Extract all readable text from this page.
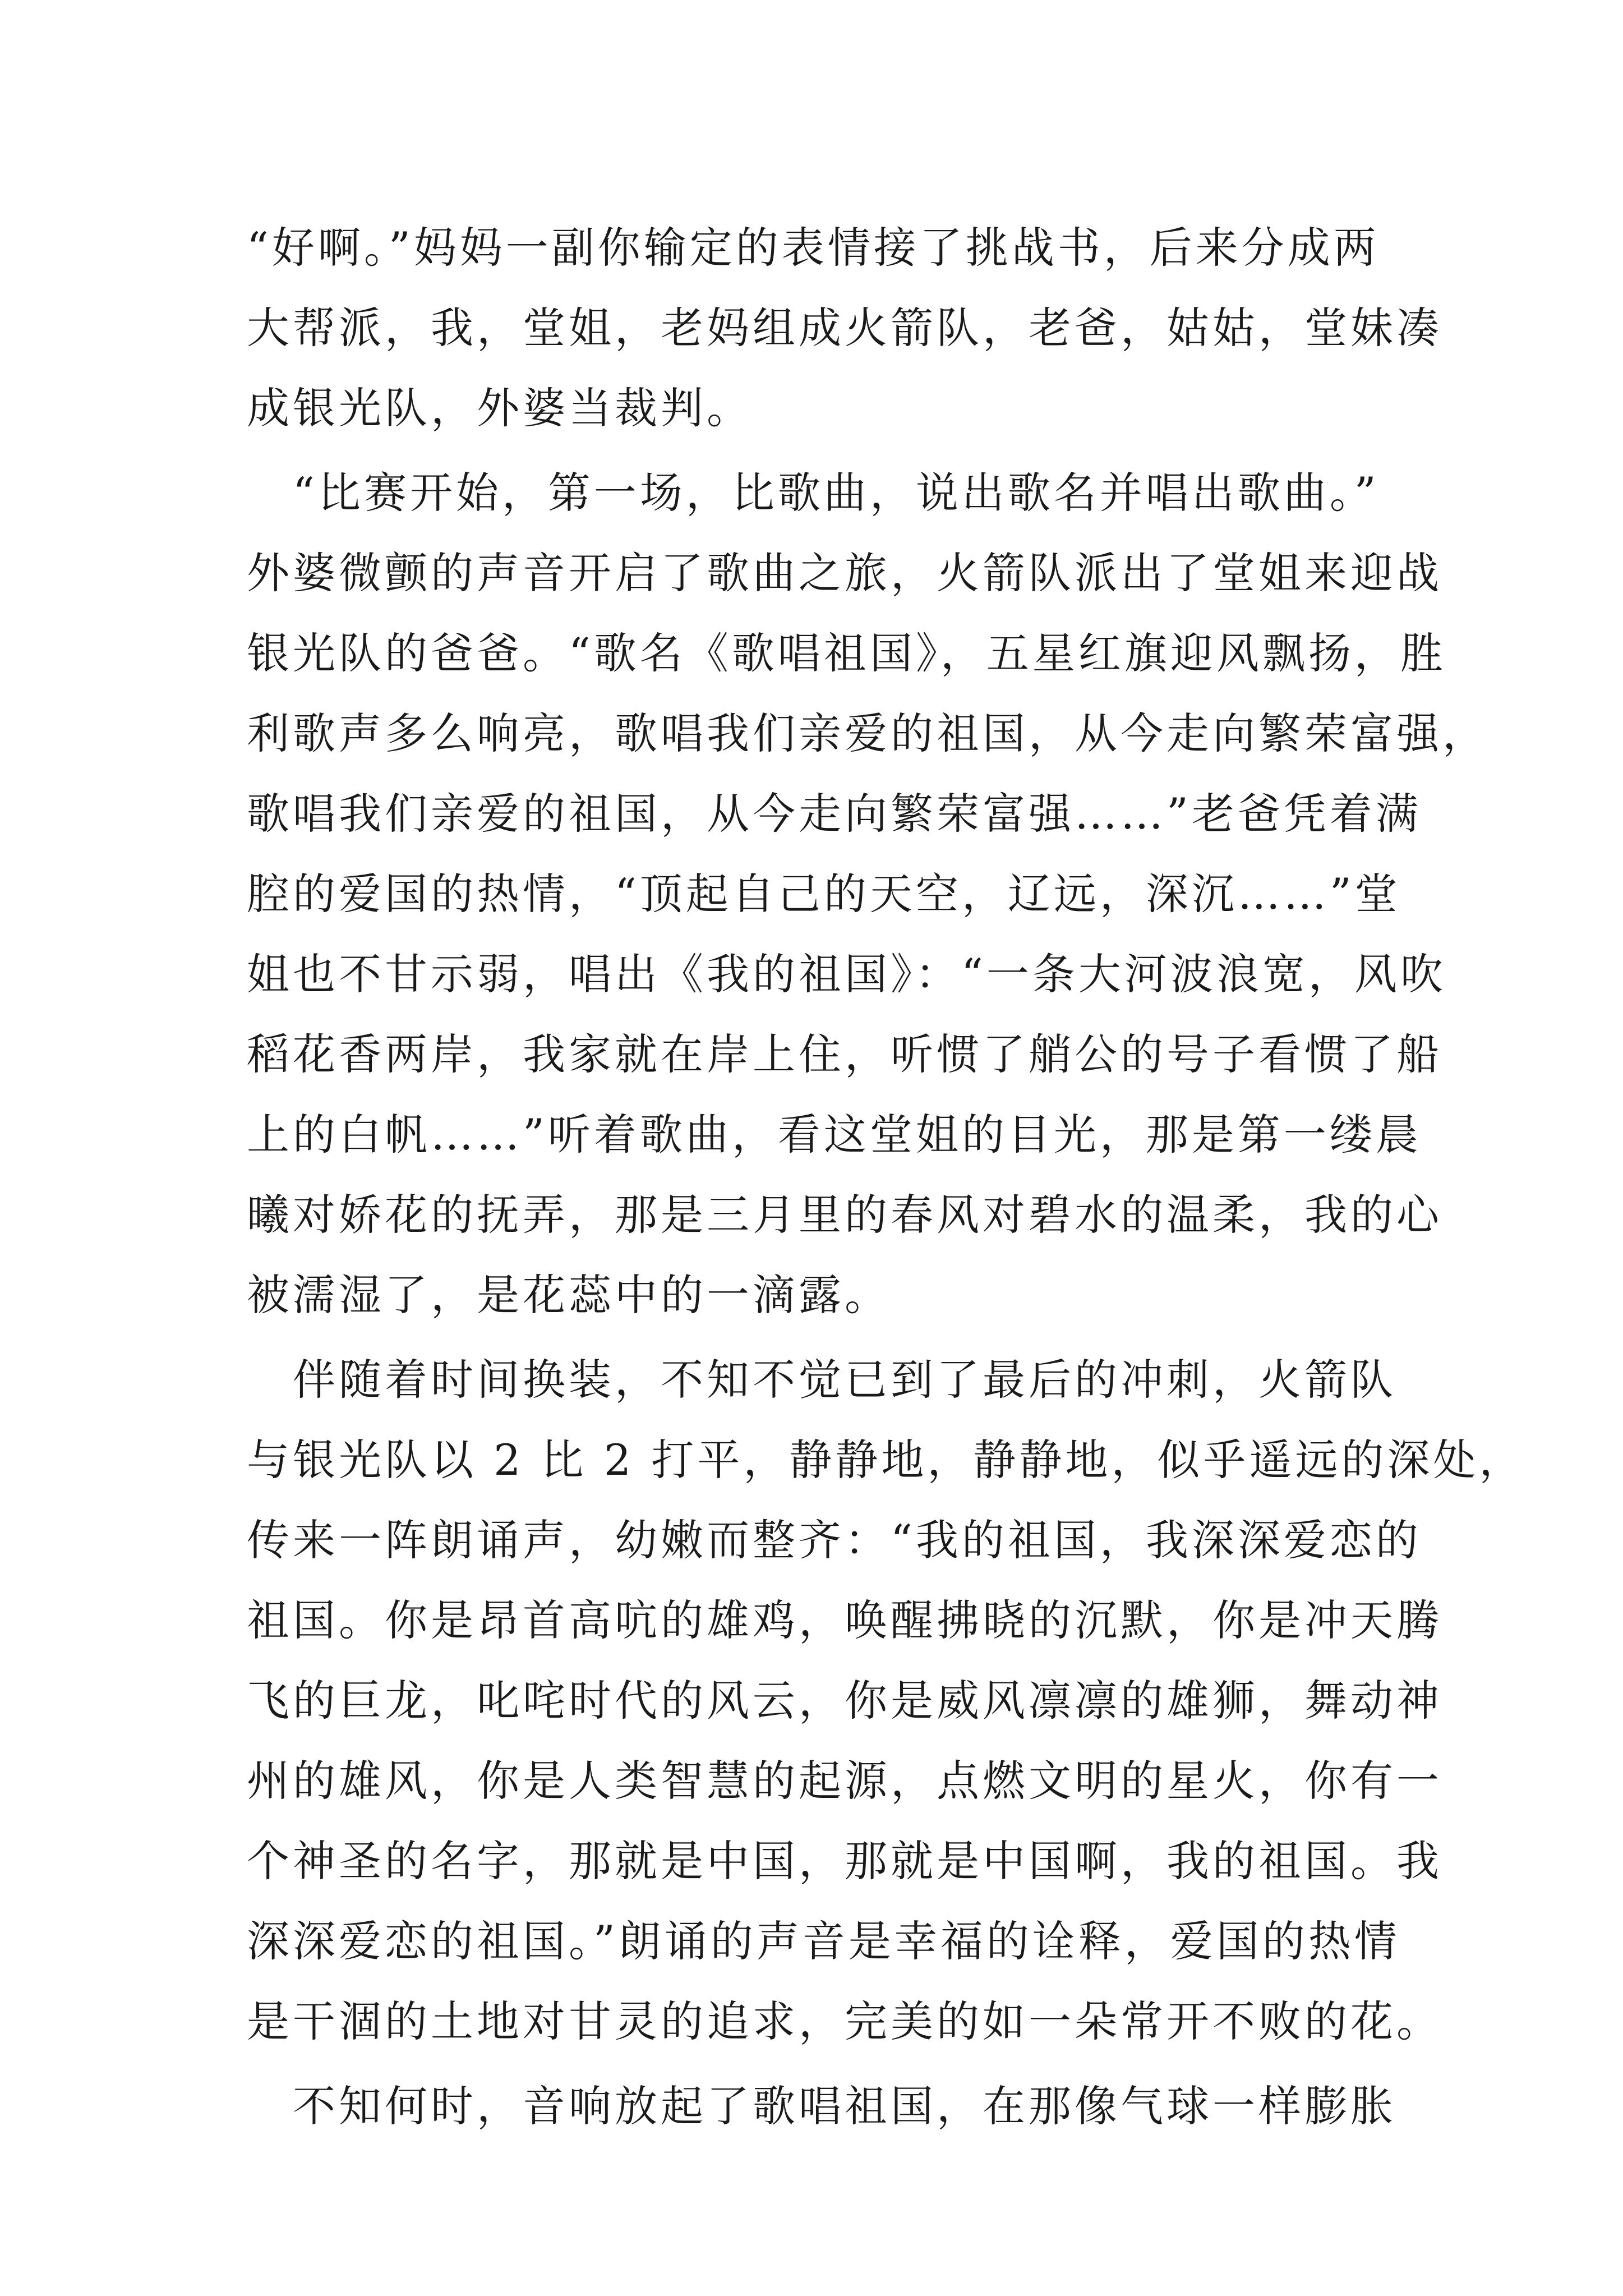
“好啊。”妈妈一副你输定的表情接了挑战书，后来分成两
大帮派，我，堂姐，老妈组成火箭队，老爸，姑姑，堂妹凑
成银光队，外婆当裁判。
　“比赛开始，第一场，比歌曲，说出歌名并唱出歌曲。”
外婆微颤的声音开启了歌曲之旅，火箭队派出了堂姐来迎战
银光队的爸爸。“歌名《歌唱祖国》，五星红旗迎风飘扬，胜
利歌声多么响亮，歌唱我们亲爱的祖国，从今走向繁荣富强，
歌唱我们亲爱的祖国，从今走向繁荣富强……”老爸凭着满
腔的爱国的热情，“顶起自己的天空，辽远，深沉……”堂
姐也不甘示弱，唱出《我的祖国》：“一条大河波浪宽，风吹
稻花香两岸，我家就在岸上住，听惯了艄公的号子看惯了船
上的白帆……”听着歌曲，看这堂姐的目光，那是第一缕晨
曦对娇花的抚弄，那是三月里的春风对碧水的温柔，我的心
被濡湿了，是花蕊中的一滴露。
　伴随着时间换装，不知不觉已到了最后的冲刺，火箭队
与银光队以 2 比 2 打平，静静地，静静地，似乎遥远的深处，
传来一阵朗诵声，幼嫩而整齐：“我的祖国，我深深爱恋的
祖国。你是昂首高吭的雄鸡，唤醒拂晓的沉默，你是冲天腾
飞的巨龙，叱咤时代的风云，你是威风凛凛的雄狮，舞动神
州的雄风，你是人类智慧的起源，点燃文明的星火，你有一
个神圣的名字，那就是中国，那就是中国啊，我的祖国。我
深深爱恋的祖国。”朗诵的声音是幸福的诠释，爱国的热情
是干涸的土地对甘灵的追求，完美的如一朵常开不败的花。
　不知何时，音响放起了歌唱祖国，在那像气球一样膨胀
